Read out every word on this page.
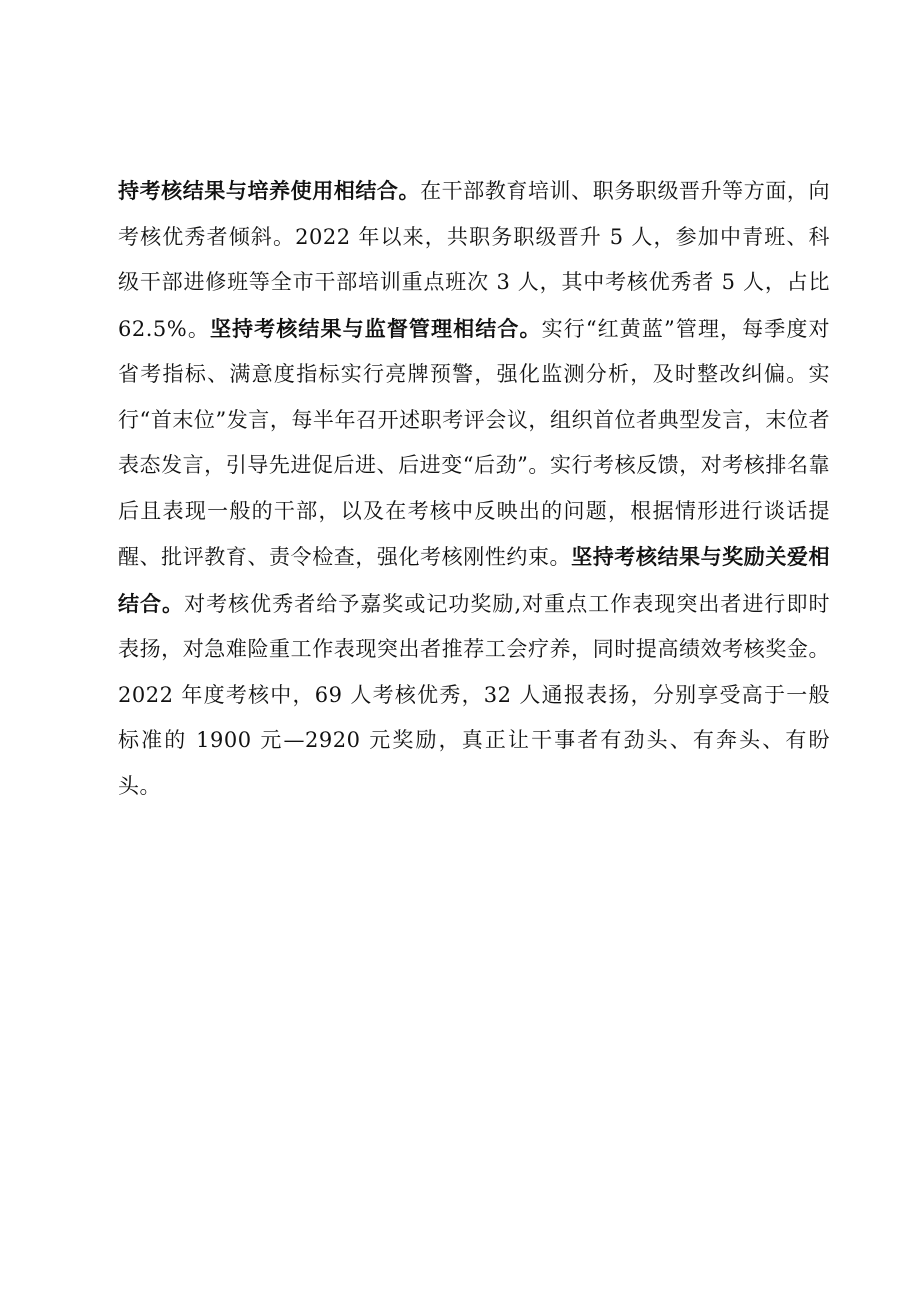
持考核结果与培养使用相结合。在干部教育培训、职务职级晋升等方面，向考核优秀者倾斜。2022 年以来，共职务职级晋升 5 人，参加中青班、科级干部进修班等全市干部培训重点班次 3 人，其中考核优秀者 5 人，占比 62.5%。坚持考核结果与监督管理相结合。实行“红黄蓝”管理，每季度对省考指标、满意度指标实行亮牌预警，强化监测分析，及时整改纠偏。实行“首末位”发言，每半年召开述职考评会议，组织首位者典型发言，末位者表态发言，引导先进促后进、后进变“后劲”。实行考核反馈，对考核排名靠后且表现一般的干部，以及在考核中反映出的问题，根据情形进行谈话提醒、批评教育、责令检查，强化考核刚性约束。坚持考核结果与奖励关爱相结合。对考核优秀者给予嘉奖或记功奖励,对重点工作表现突出者进行即时表扬，对急难险重工作表现突出者推荐工会疗养，同时提高绩效考核奖金。2022 年度考核中，69 人考核优秀，32 人通报表扬，分别享受高于一般标准的 1900 元—2920 元奖励，真正让干事者有劲头、有奔头、有盼头。
